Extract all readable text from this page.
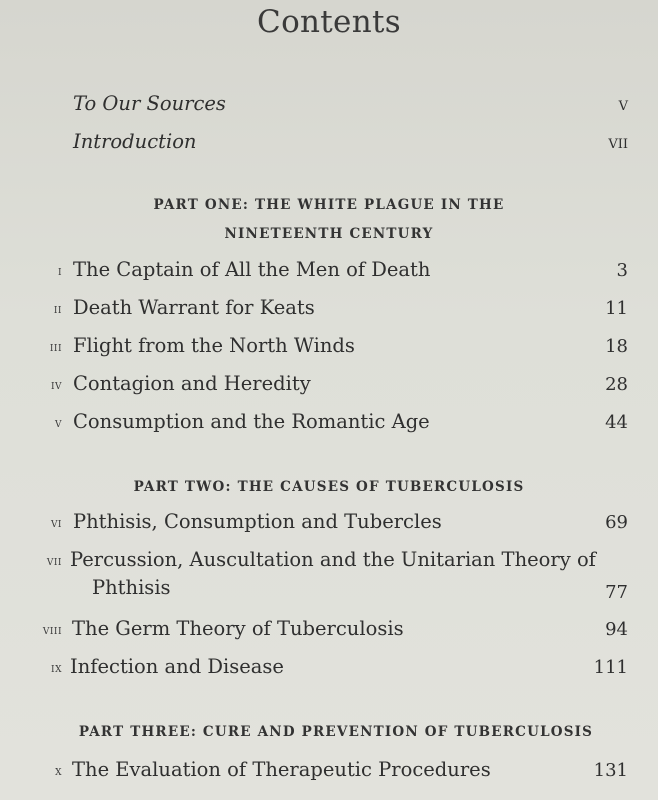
Contents
To Our Sources	v
Introduction	vii
PART ONE: THE WHITE PLAGUE IN THE
NINETEENTH CENTURY
i The Captain of All the Men of Death	3
ii Death Warrant for Keats	11
iii Flight from the North Winds	18
iv Contagion and Heredity	28
v Consumption and the Romantic Age	44
PART TWO: THE CAUSES OF TUBERCULOSIS
vi Phthisis, Consumption and Tubercles	69
vii Percussion, Auscultation and the Unitarian Theory of
Phthisis	77
viii The Germ Theory of Tuberculosis	94
ix Infection and Disease	111
PART THREE: CURE AND PREVENTION OF TUBERCULOSIS
x The Evaluation of Therapeutic Procedures	131
